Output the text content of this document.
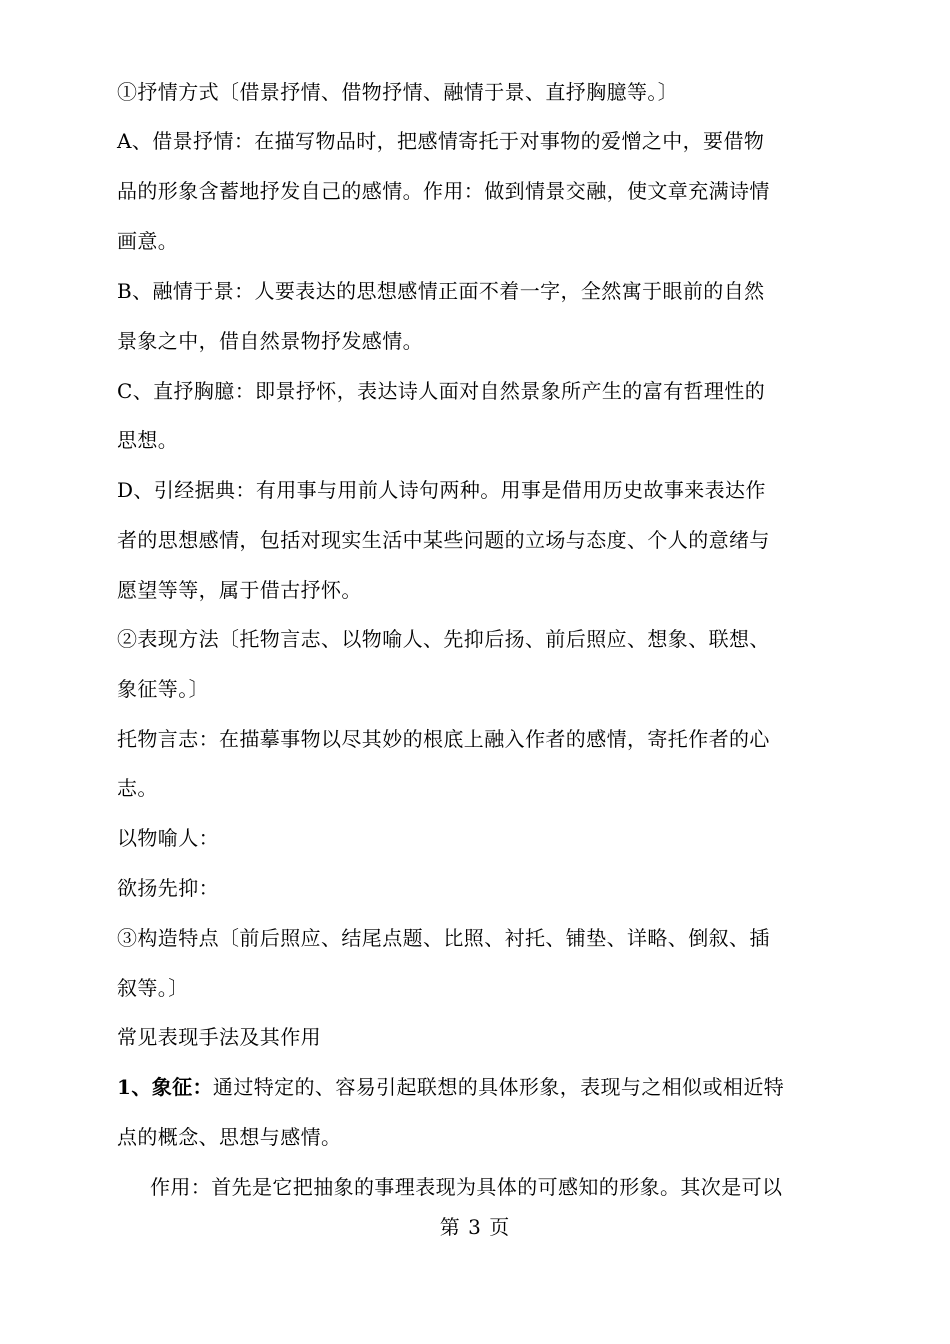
①抒情方式〔借景抒情、借物抒情、融情于景、直抒胸臆等。〕
A、借景抒情：在描写物品时，把感情寄托于对事物的爱憎之中，要借物
品的形象含蓄地抒发自己的感情。作用：做到情景交融，使文章充满诗情
画意。
B、融情于景：人要表达的思想感情正面不着一字，全然寓于眼前的自然
景象之中，借自然景物抒发感情。
C、直抒胸臆：即景抒怀，表达诗人面对自然景象所产生的富有哲理性的
思想。
D、引经据典：有用事与用前人诗句两种。用事是借用历史故事来表达作
者的思想感情，包括对现实生活中某些问题的立场与态度、个人的意绪与
愿望等等，属于借古抒怀。
②表现方法〔托物言志、以物喻人、先抑后扬、前后照应、想象、联想、
象征等。〕
托物言志：在描摹事物以尽其妙的根底上融入作者的感情，寄托作者的心
志。
以物喻人：
欲扬先抑：
③构造特点〔前后照应、结尾点题、比照、衬托、铺垫、详略、倒叙、插
叙等。〕
常见表现手法及其作用
1、象征：通过特定的、容易引起联想的具体形象，表现与之相似或相近特
点的概念、思想与感情。
作用：首先是它把抽象的事理表现为具体的可感知的形象。其次是可以
第 3 页
